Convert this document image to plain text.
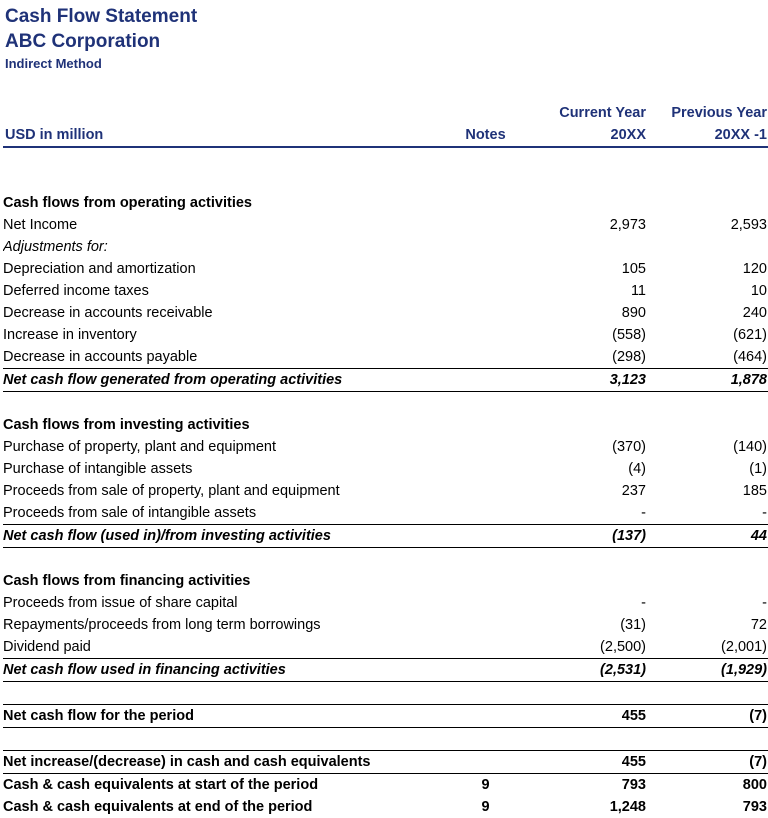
Cash Flow Statement
ABC Corporation
Indirect Method
		Current Year	Previous Year
USD in million	Notes	20XX	20XX -1

Cash flows from operating activities			
Net Income		2,973	2,593
Adjustments for:			
Depreciation and amortization		105	120
Deferred income taxes		11	10
Decrease in accounts receivable		890	240
Increase in inventory		(558)	(621)
Decrease in accounts payable		(298)	(464)
Net cash flow generated from operating activities		3,123	1,878

Cash flows from investing activities			
Purchase of property, plant and equipment		(370)	(140)
Purchase of intangible assets		(4)	(1)
Proceeds from sale of property, plant and equipment		237	185
Proceeds from sale of intangible assets		-	-
Net cash flow (used in)/from investing activities		(137)	44

Cash flows from financing activities			
Proceeds from issue of share capital		-	-
Repayments/proceeds from long term borrowings		(31)	72
Dividend paid		(2,500)	(2,001)
Net cash flow used in financing activities		(2,531)	(1,929)

Net cash flow for the period		455	(7)

Net increase/(decrease) in cash and cash equivalents		455	(7)
Cash & cash equivalents at start of the period	9	793	800
Cash & cash equivalents at end of the period	9	1,248	793
